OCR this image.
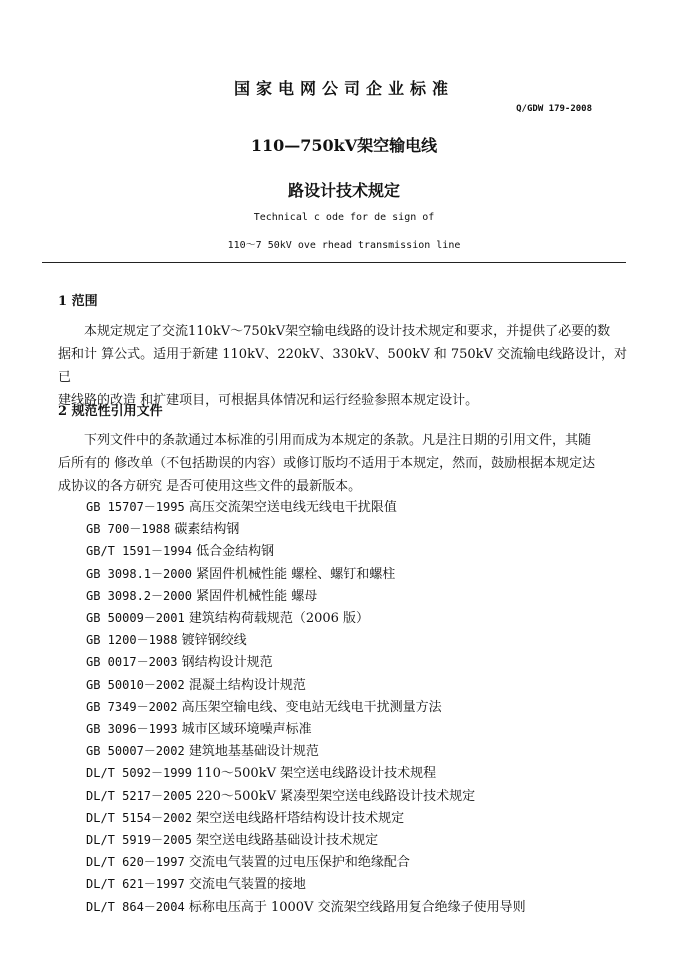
国家电网公司企业标准
Q/GDW 179-2008
110—750kV架空输电线
路设计技术规定
Technical c ode for de sign of
110～7 50kV ove rhead transmission line
1 范围
　　本规定规定了交流110kV～750kV架空输电线路的设计技术规定和要求，并提供了必要的数
据和计 算公式。适用于新建 110kV、220kV、330kV、500kV 和 750kV 交流输电线路设计，对已
建线路的改造 和扩建项目，可根据具体情况和运行经验参照本规定设计。
2 规范性引用文件
　　下列文件中的条款通过本标准的引用而成为本规定的条款。凡是注日期的引用文件，其随
后所有的 修改单（不包括勘误的内容）或修订版均不适用于本规定，然而，鼓励根据本规定达
成协议的各方研究 是否可使用这些文件的最新版本。
GB 15707－1995 高压交流架空送电线无线电干扰限值
GB 700－1988 碳素结构钢
GB/T 1591－1994 低合金结构钢
GB 3098.1－2000 紧固件机械性能 螺栓、螺钉和螺柱
GB 3098.2－2000 紧固件机械性能 螺母
GB 50009－2001 建筑结构荷载规范（2006 版）
GB 1200－1988 镀锌钢绞线
GB 0017－2003 钢结构设计规范
GB 50010－2002 混凝土结构设计规范
GB 7349－2002 高压架空输电线、变电站无线电干扰测量方法
GB 3096－1993 城市区域环境噪声标准
GB 50007－2002 建筑地基基础设计规范
DL/T 5092－1999 110～500kV 架空送电线路设计技术规程
DL/T 5217－2005 220～500kV 紧凑型架空送电线路设计技术规定
DL/T 5154－2002 架空送电线路杆塔结构设计技术规定
DL/T 5919－2005 架空送电线路基础设计技术规定
DL/T 620－1997 交流电气装置的过电压保护和绝缘配合
DL/T 621－1997 交流电气装置的接地
DL/T 864－2004 标称电压高于 1000V 交流架空线路用复合绝缘子使用导则
